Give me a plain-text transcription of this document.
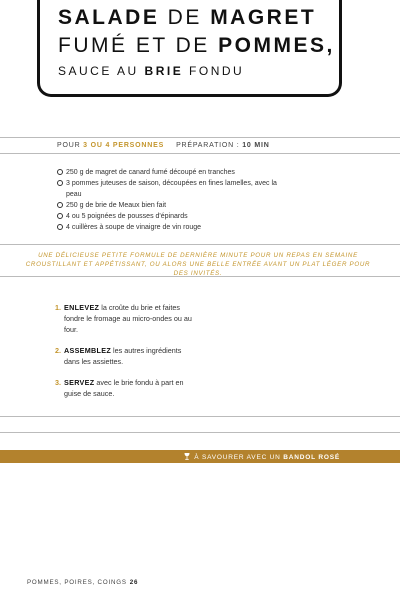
SALADE DE MAGRET
FUMÉ ET DE POMMES,
SAUCE AU BRIE FONDU
POUR 3 OU 4 PERSONNES PRÉPARATION : 10 MIN
250 g de magret de canard fumé découpé en tranches
3 pommes juteuses de saison, découpées en fines lamelles, avec la peau
250 g de brie de Meaux bien fait
4 ou 5 poignées de pousses d'épinards
4 cuillères à soupe de vinaigre de vin rouge
UNE DÉLICIEUSE PETITE FORMULE DE DERNIÈRE MINUTE POUR UN REPAS EN SEMAINE CROUSTILLANT ET APPÉTISSANT, OU ALORS UNE BELLE ENTRÉE AVANT UN PLAT LÉGER POUR DES INVITÉS.
1. ENLEVEZ la croûte du brie et faites fondre le fromage au micro-ondes ou au four.
2. ASSEMBLEZ les autres ingrédients dans les assiettes.
3. SERVEZ avec le brie fondu à part en guise de sauce.
À SAVOURER AVEC UN BANDOL ROSÉ
POMMES, POIRES, COINGS 26
